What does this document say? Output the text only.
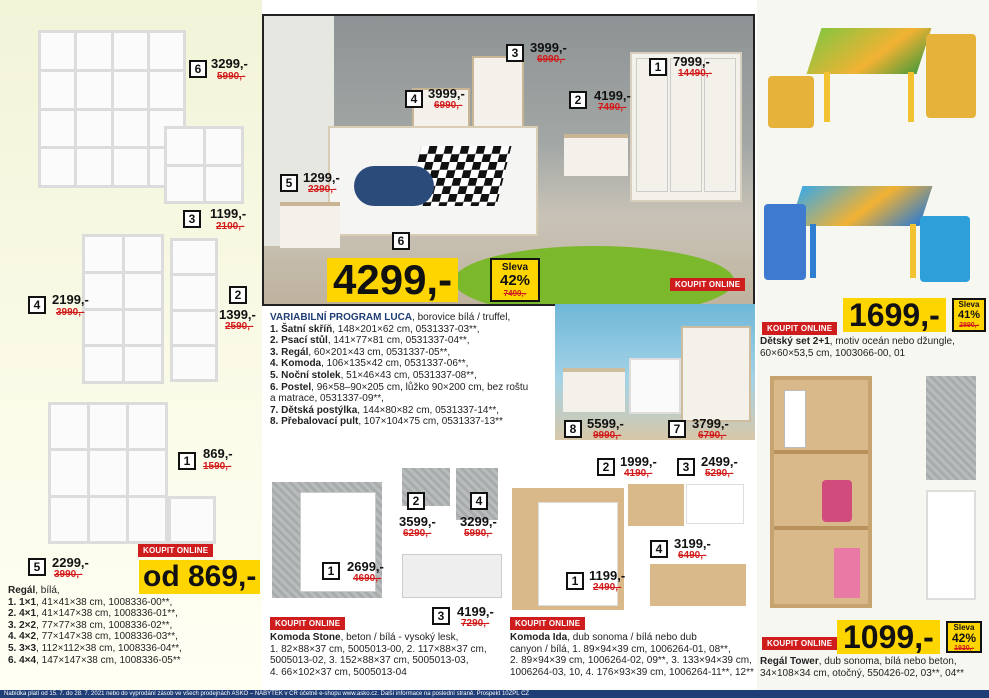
6 3299,-
5990,-
3	1199,-
2100,-
4 2199,-
3990,-
2
1399,-
2590,-
1 869,-
1590,-
5 2299,-
3990,-
KOUPIT ONLINE
od 869,-
Regál, bílá,
1. 1×1, 41×41×38 cm, 1008336-00**,
2. 4×1, 41×147×38 cm, 1008336-01**,
3. 2×2, 77×77×38 cm, 1008336-02**,
4. 4×2, 77×147×38 cm, 1008336-03**,
5. 3×3, 112×112×38 cm, 1008336-04**,
6. 4×4, 147×147×38 cm, 1008336-05**
3 3999,-
6990,-
1 7999,-
14490,-
4 3999,-
6990,-	2 4199,-
7490,-
5 1299,-
2390,-
6
4299,-	Sleva
42%
7490,-
KOUPIT ONLINE
VARIABILNÍ PROGRAM LUCA, borovice bílá / truffel,
1. Šatní skříň, 148×201×62 cm, 0531337-03**,
2. Psací stůl, 141×77×81 cm, 0531337-04**,
3. Regál, 60×201×43 cm, 0531337-05**,
4. Komoda, 106×135×42 cm, 0531337-06**,
5. Noční stolek, 51×46×43 cm, 0531337-08**,
6. Postel, 96×58–90×205 cm, lůžko 90×200 cm, bez roštu
a matrace, 0531337-09**,
7. Dětská postýlka, 144×80×82 cm, 0531337-14**,
8. Přebalovací pult, 107×104×75 cm, 0531337-13**
8 5599,-
9990,-	7 3799,-
6790,-
KOUPIT ONLINE 1699,-	Sleva
41%
2890,-
Dětský set 2+1, motiv oceán nebo džungle,
60×60×53,5 cm, 1003066-00, 01
KOUPIT ONLINE 1099,-	Sleva
42%
1920,-
Regál Tower, dub sonoma, bílá nebo beton,
34×108×34 cm, otočný, 550426-02, 03**, 04**
2
3599,-
6290,-
4
3299,-
5990,-
1 2699,-
4690,-
3 4199,-
7290,-
KOUPIT ONLINE
Komoda Stone, beton / bílá - vysoký lesk,
1. 82×88×37 cm, 5005013-00, 2. 117×88×37 cm,
5005013-02, 3. 152×88×37 cm, 5005013-03,
4. 66×102×37 cm, 5005013-04
2 1999,-
4190,-	3 2499,-
5290,-
4 3199,-
6490,-
1 1199,-
2490,-
KOUPIT ONLINE
Komoda Ida, dub sonoma / bílá nebo dub
canyon / bílá, 1. 89×94×39 cm, 1006264-01, 08**,
2. 89×94×39 cm, 1006264-02, 09**, 3. 133×94×39 cm,
1006264-03, 10, 4. 176×93×39 cm, 1006264-11**, 12**
Nabídka platí od 15. 7. do 28. 7. 2021 nebo do vyprodání zásob ve všech prodejnách ASKO – NÁBYTEK v ČR účetně e-shopu www.asko.cz. Další informace na poslední straně. Prospekt 10ZPL CZ
